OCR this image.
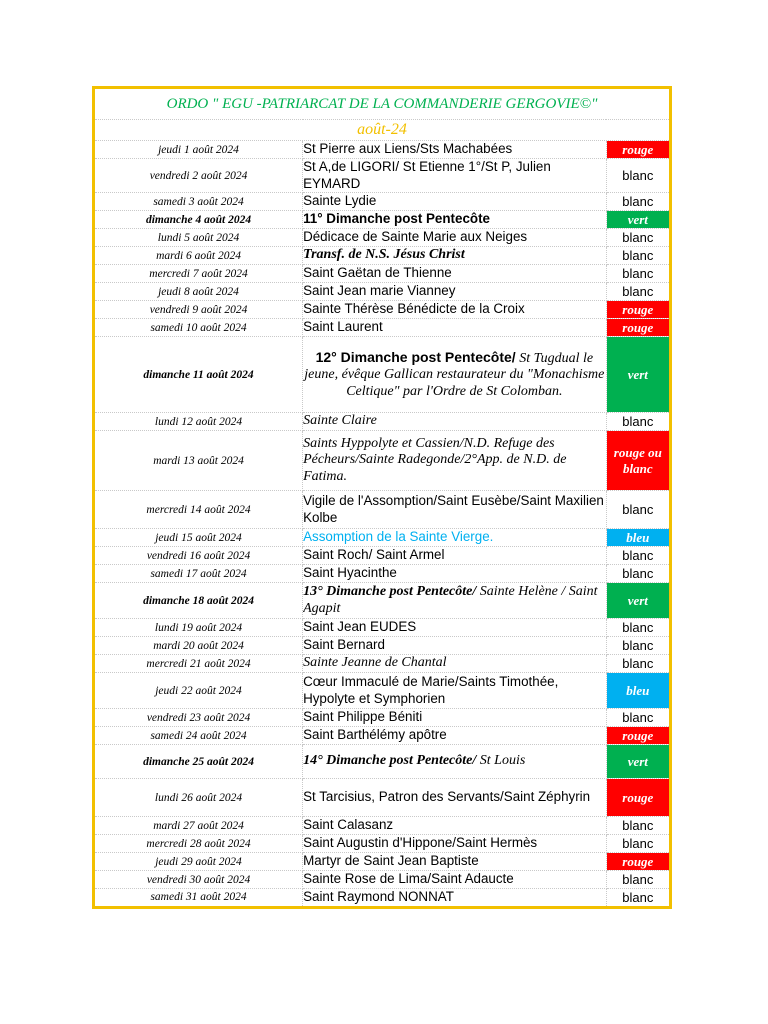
ORDO " EGU -PATRIARCAT DE LA COMMANDERIE GERGOVIE©"		
août-24		
jeudi 1 août 2024	St Pierre aux Liens/Sts Machabées	rouge
vendredi 2 août 2024	St A,de LIGORI/ St Etienne 1°/St P, Julien EYMARD	blanc
samedi 3 août 2024	Sainte Lydie	blanc
dimanche 4 août 2024	11° Dimanche post Pentecôte	vert
lundi 5 août 2024	Dédicace de Sainte Marie aux Neiges	blanc
mardi 6 août 2024	Transf. de N.S. Jésus Christ	blanc
mercredi 7 août 2024	Saint Gaëtan de Thienne	blanc
jeudi 8 août 2024	Saint Jean marie Vianney	blanc
vendredi 9 août 2024	Sainte Thérèse Bénédicte de la Croix	rouge
samedi 10 août 2024	Saint Laurent	rouge
dimanche 11 août 2024	12° Dimanche post Pentecôte/ St Tugdual le jeune, évêque Gallican restaurateur du "Monachisme Celtique" par l'Ordre de St Colomban.	vert
lundi 12 août 2024	Sainte Claire	blanc
mardi 13 août 2024	Saints Hyppolyte et Cassien/N.D. Refuge des Pécheurs/Sainte Radegonde/2°App. de N.D. de Fatima.	rouge ou blanc
mercredi 14 août 2024	Vigile de l'Assomption/Saint Eusèbe/Saint Maxilien Kolbe	blanc
jeudi 15 août 2024	Assomption de la Sainte Vierge.	bleu
vendredi 16 août 2024	Saint Roch/ Saint Armel	blanc
samedi 17 août 2024	Saint Hyacinthe	blanc
dimanche 18 août 2024	13° Dimanche post Pentecôte/ Sainte Helène / Saint Agapit	vert
lundi 19 août 2024	Saint Jean EUDES	blanc
mardi 20 août 2024	Saint Bernard	blanc
mercredi 21 août 2024	Sainte Jeanne de Chantal	blanc
jeudi 22 août 2024	Cœur Immaculé de Marie/Saints Timothée, Hypolyte et Symphorien	bleu
vendredi 23 août 2024	Saint Philippe Béniti	blanc
samedi 24 août 2024	Saint Barthélémy apôtre	rouge
dimanche 25 août 2024	14° Dimanche post Pentecôte/ St Louis	vert
lundi 26 août 2024	St Tarcisius, Patron des Servants/Saint Zéphyrin	rouge
mardi 27 août 2024	Saint Calasanz	blanc
mercredi 28 août 2024	Saint Augustin d'Hippone/Saint Hermès	blanc
jeudi 29 août 2024	Martyr de Saint Jean Baptiste	rouge
vendredi 30 août 2024	Sainte Rose de Lima/Saint Adaucte	blanc
samedi 31 août 2024	Saint Raymond NONNAT	blanc
